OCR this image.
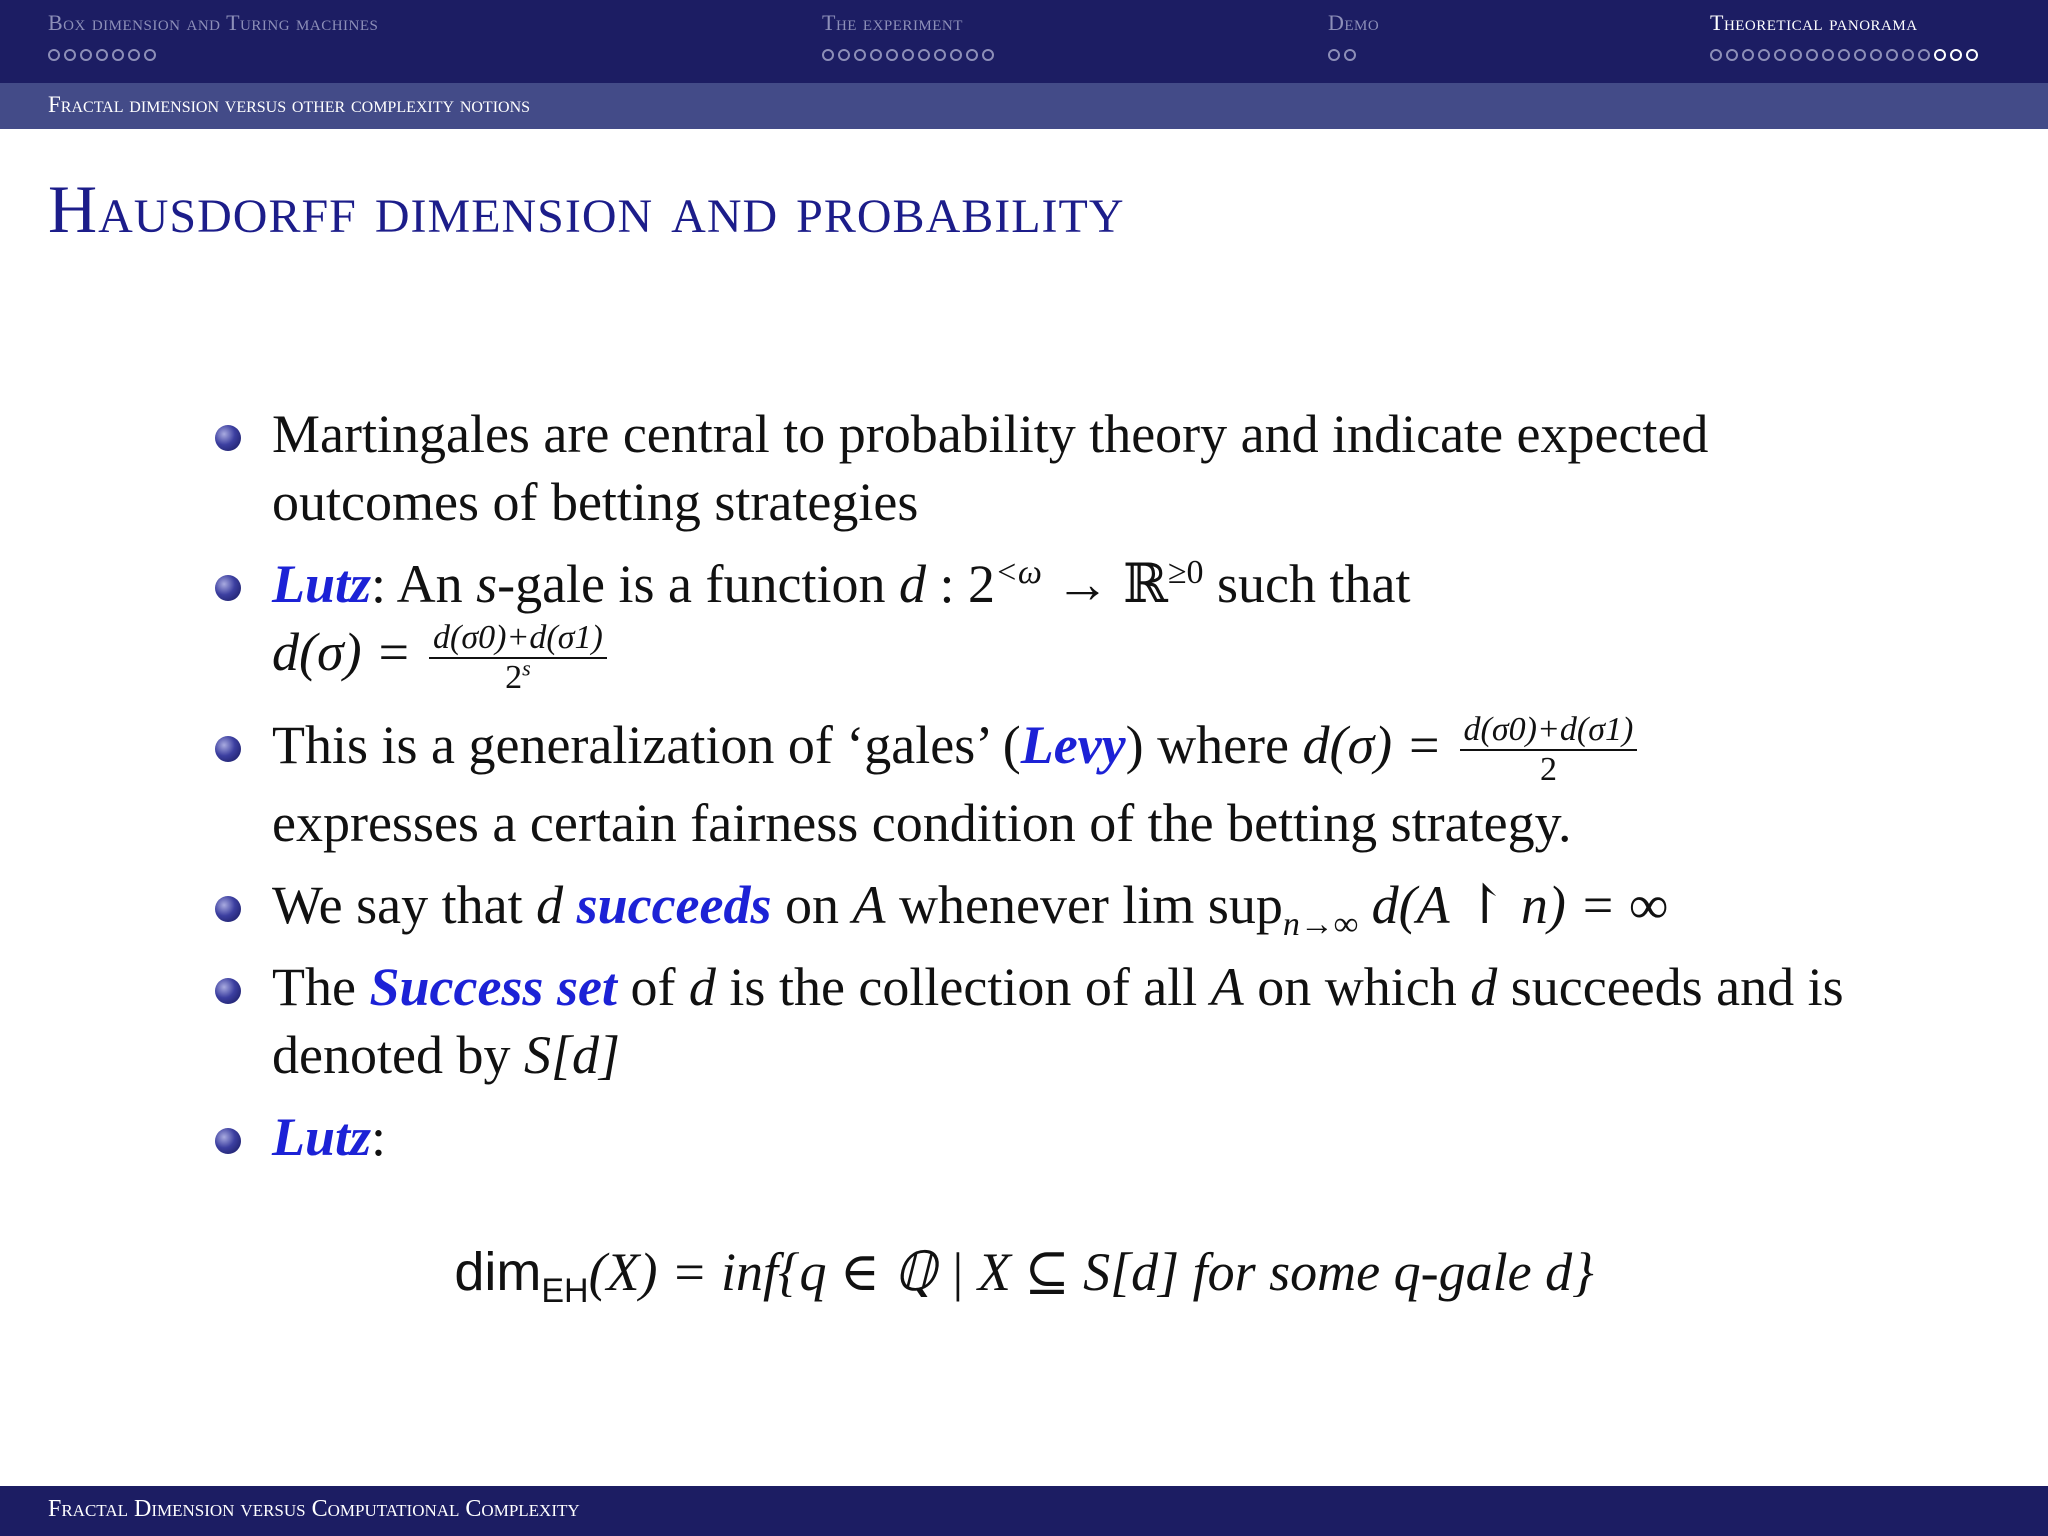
Box dimension and Turing machines	The experiment	Demo	Theoretical panorama
Fractal dimension versus other complexity notions
Hausdorff dimension and probability
Martingales are central to probability theory and indicate expected outcomes of betting strategies
Lutz: An s-gale is a function d : $2^{<\omega}$ → ℝ$^{\ge 0}$ such that
$d(\sigma) = \frac{d(\sigma 0)+d(\sigma 1)}{2^s}$
This is a generalization of ‘gales’ (Levy) where $d(\sigma) = \frac{d(\sigma 0)+d(\sigma 1)}{2}$

expresses a certain fairness condition of the betting strategy.
We say that d succeeds on A whenever lim sup$_{n\to\infty}$ d(A ↾ n) = ∞
The Success set of d is the collection of all A on which d succeeds and is denoted by S[d]
Lutz:
dim$_{EH}$(X) = inf{q ∈ ℚ | X ⊆ S[d] for some q-gale d}
Fractal Dimension versus Computational Complexity
